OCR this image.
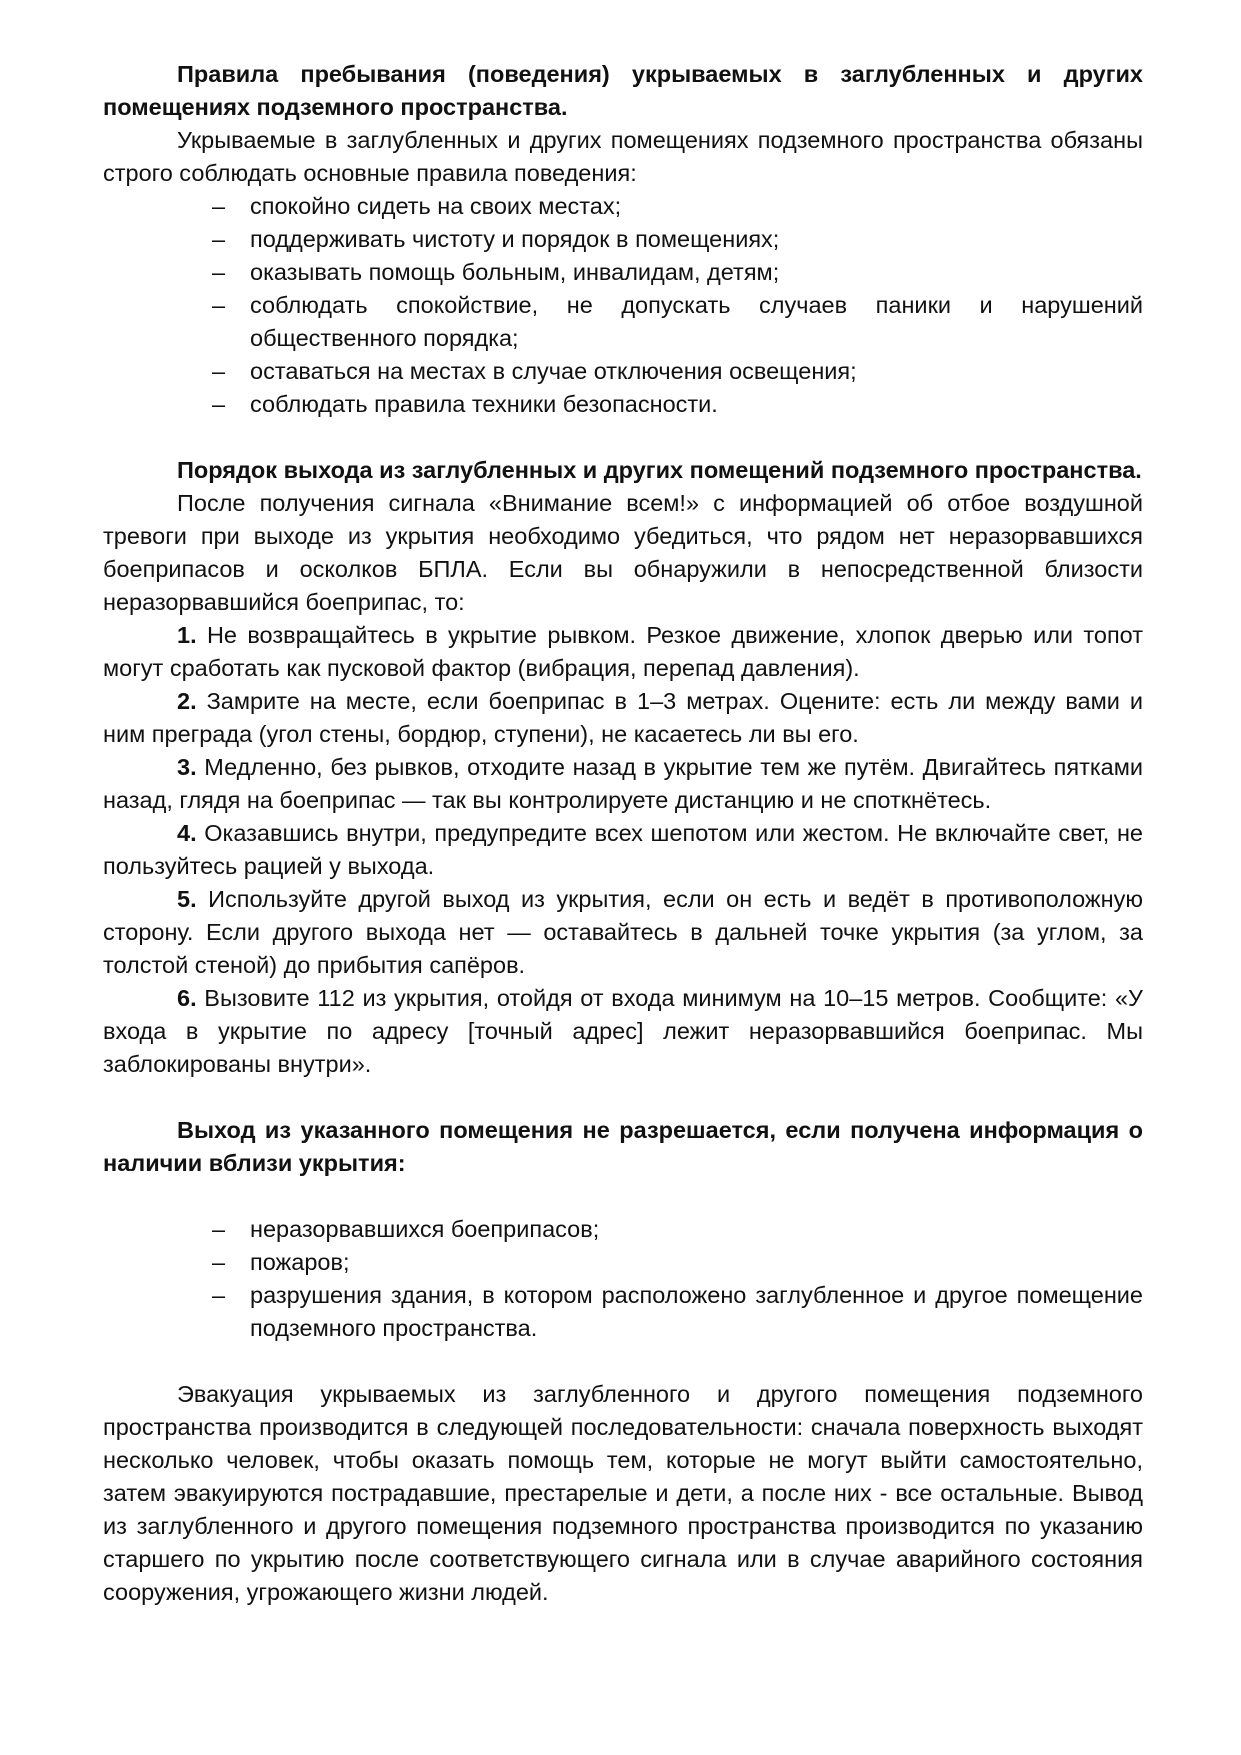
Правила пребывания (поведения) укрываемых в заглубленных и других помещениях подземного пространства.

Укрываемые в заглубленных и других помещениях подземного пространства обязаны строго соблюдать основные правила поведения:

– спокойно сидеть на своих местах;
– поддерживать чистоту и порядок в помещениях;
– оказывать помощь больным, инвалидам, детям;
– соблюдать спокойствие, не допускать случаев паники и нарушений общественного порядка;
– оставаться на местах в случае отключения освещения;
– соблюдать правила техники безопасности.

Порядок выхода из заглубленных и других помещений подземного пространства.

После получения сигнала «Внимание всем!» с информацией об отбое воздушной тревоги при выходе из укрытия необходимо убедиться, что рядом нет неразорвавшихся боеприпасов и осколков БПЛА. Если вы обнаружили в непосредственной близости неразорвавшийся боеприпас, то:

1. Не возвращайтесь в укрытие рывком. Резкое движение, хлопок дверью или топот могут сработать как пусковой фактор (вибрация, перепад давления).

2. Замрите на месте, если боеприпас в 1–3 метрах. Оцените: есть ли между вами и ним преграда (угол стены, бордюр, ступени), не касаетесь ли вы его.

3. Медленно, без рывков, отходите назад в укрытие тем же путём. Двигайтесь пятками назад, глядя на боеприпас — так вы контролируете дистанцию и не споткнётесь.

4. Оказавшись внутри, предупредите всех шепотом или жестом. Не включайте свет, не пользуйтесь рацией у выхода.

5. Используйте другой выход из укрытия, если он есть и ведёт в противоположную сторону. Если другого выхода нет — оставайтесь в дальней точке укрытия (за углом, за толстой стеной) до прибытия сапёров.

6. Вызовите 112 из укрытия, отойдя от входа минимум на 10–15 метров. Сообщите: «У входа в укрытие по адресу [точный адрес] лежит неразорвавшийся боеприпас. Мы заблокированы внутри».

Выход из указанного помещения не разрешается, если получена информация о наличии вблизи укрытия:

– неразорвавшихся боеприпасов;
– пожаров;
– разрушения здания, в котором расположено заглубленное и другое помещение подземного пространства.

Эвакуация укрываемых из заглубленного и другого помещения подземного пространства производится в следующей последовательности: сначала поверхность выходят несколько человек, чтобы оказать помощь тем, которые не могут выйти самостоятельно, затем эвакуируются пострадавшие, престарелые и дети, а после них - все остальные. Вывод из заглубленного и другого помещения подземного пространства производится по указанию старшего по укрытию после соответствующего сигнала или в случае аварийного состояния сооружения, угрожающего жизни людей.
